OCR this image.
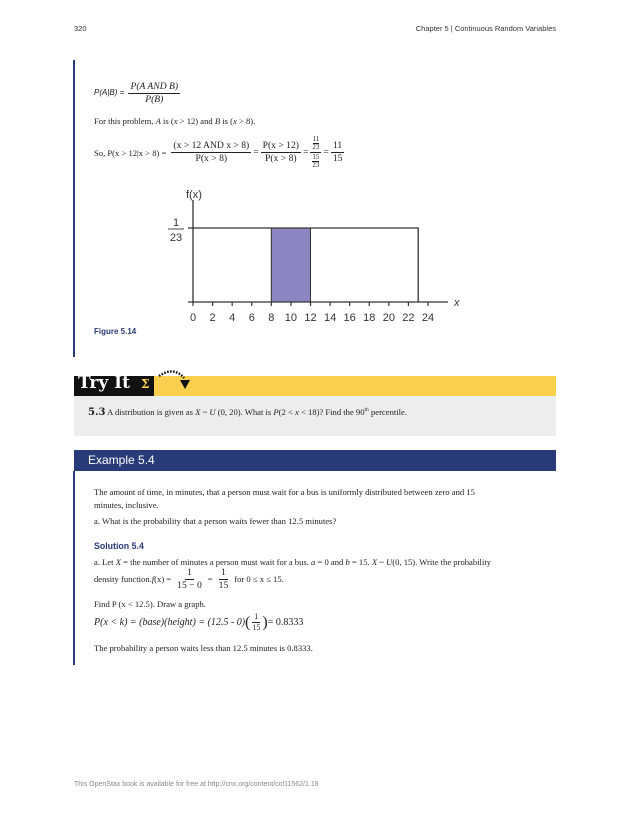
320	Chapter 5 | Continuous Random Variables
$P(A|B) = \frac{\text{P(A AND B)}}{P(B)}$
For this problem, A is (x > 12) and B is (x > 8).
So, $P(x > 12|x > 8) = \frac{\text{(x > 12 AND x > 8)}}{P(x > 8)} = \frac{P(x > 12)}{P(x > 8)} = \frac{\frac{11}{23}}{\frac{15}{23}} = \frac{11}{15}$
0 2 4 6 8 10 12 14 16 18 20 22 24
f(x)
x
1
23
Figure 5.14
Try It Σ
5.3 A distribution is given as X ~ U (0, 20). What is P(2 < x < 18)? Find the 90th percentile.
Example 5.4
The amount of time, in minutes, that a person must wait for a bus is uniformly distributed between zero and 15
minutes, inclusive.
a. What is the probability that a person waits fewer than 12.5 minutes?
Solution 5.4
a. Let X = the number of minutes a person must wait for a bus. a = 0 and b = 15. X ~ U(0, 15). Write the probability
density function. f $(x) = \frac{1}{15 - 0} = \frac{1}{15}$ for 0 ≤ x ≤ 15.
Find P (x < 12.5). Draw a graph.
P(x < k) = (base)(height) = (12.5 - 0) ( $\frac{1}{15}$ ) = 0.8333
The probability a person waits less than 12.5 minutes is 0.8333.
This OpenStax book is available for free at http://cnx.org/content/col11562/1.18
